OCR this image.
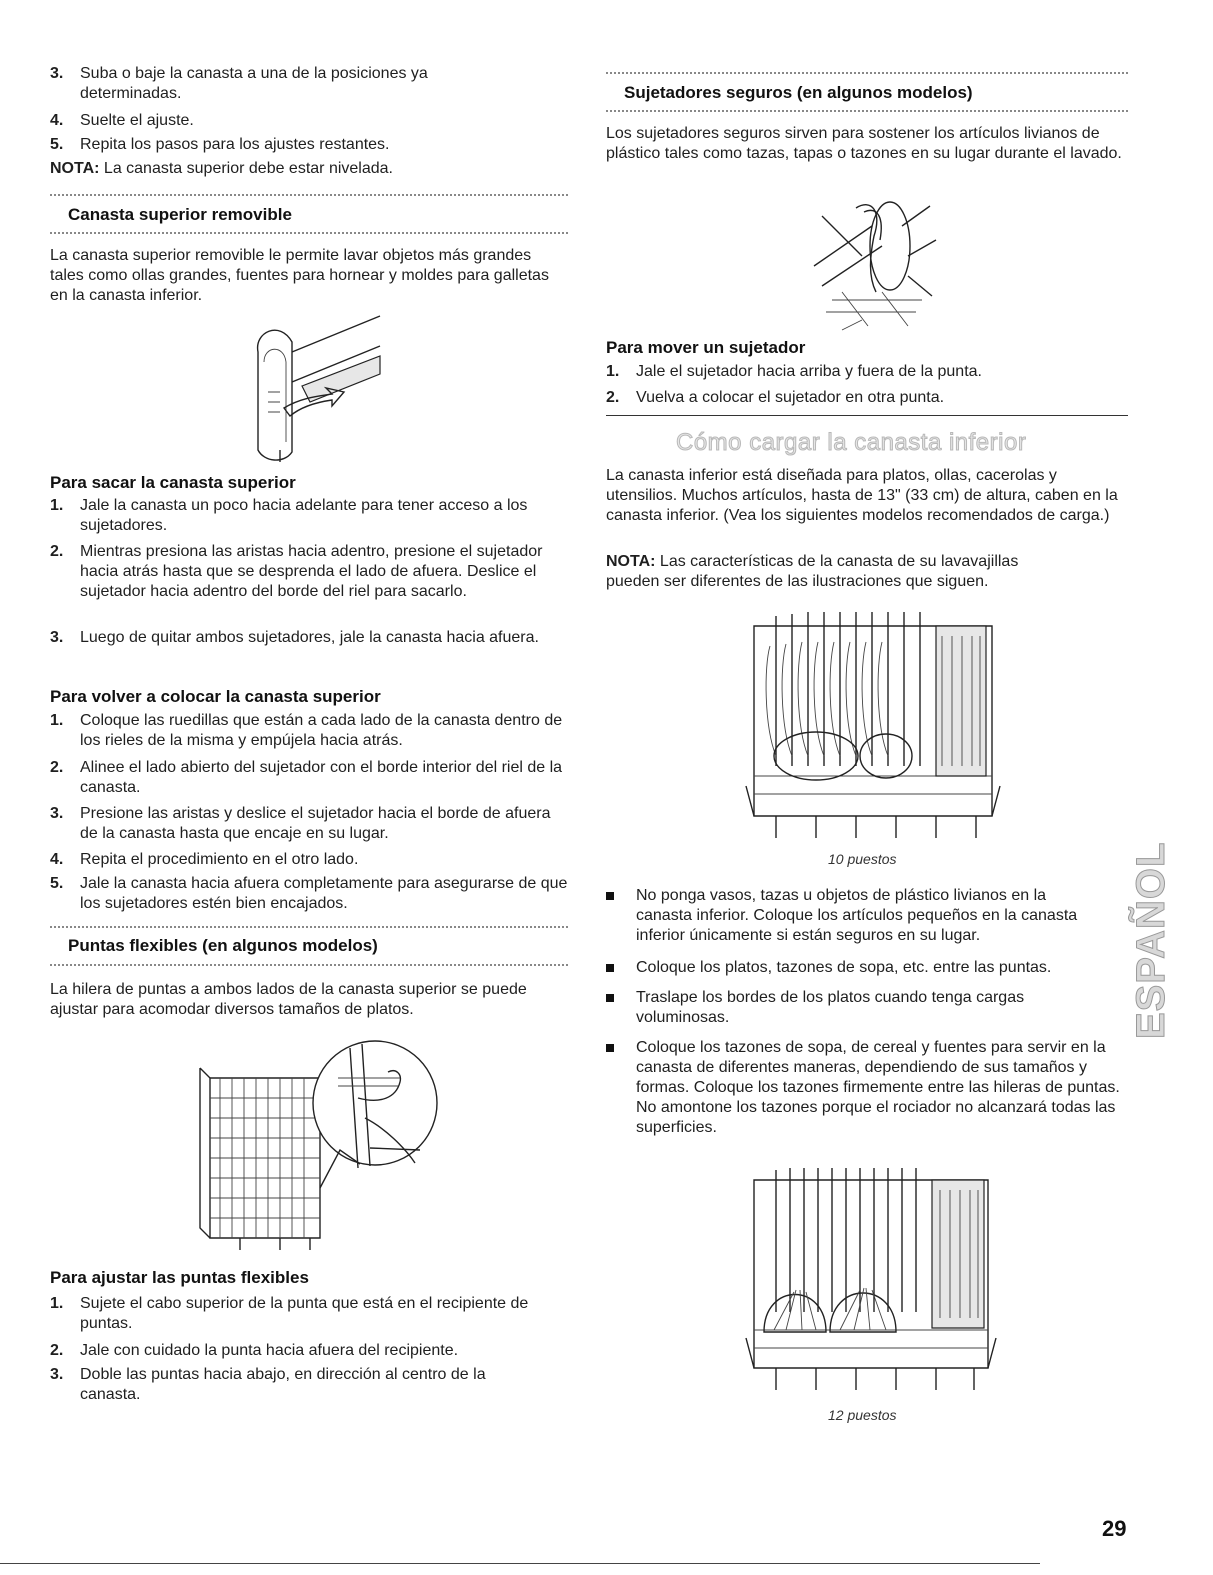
3. Suba o baje la canasta a una de la posiciones ya determinadas.
4. Suelte el ajuste.
5. Repita los pasos para los ajustes restantes.
NOTA: La canasta superior debe estar nivelada.
Canasta superior removible
La canasta superior removible le permite lavar objetos más grandes tales como ollas grandes, fuentes para hornear y moldes para galletas en la canasta inferior.
Para sacar la canasta superior
1. Jale la canasta un poco hacia adelante para tener acceso a los sujetadores.
2. Mientras presiona las aristas hacia adentro, presione el sujetador hacia atrás hasta que se desprenda el lado de afuera. Deslice el sujetador hacia adentro del borde del riel para sacarlo.
3. Luego de quitar ambos sujetadores, jale la canasta hacia afuera.
Para volver a colocar la canasta superior
1. Coloque las ruedillas que están a cada lado de la canasta dentro de los rieles de la misma y empújela hacia atrás.
2. Alinee el lado abierto del sujetador con el borde interior del riel de la canasta.
3. Presione las aristas y deslice el sujetador hacia el borde de afuera de la canasta hasta que encaje en su lugar.
4. Repita el procedimiento en el otro lado.
5. Jale la canasta hacia afuera completamente para asegurarse de que los sujetadores estén bien encajados.
Puntas flexibles (en algunos modelos)
La hilera de puntas a ambos lados de la canasta superior se puede ajustar para acomodar diversos tamaños de platos.
Para ajustar las puntas flexibles
1. Sujete el cabo superior de la punta que está en el recipiente de puntas.
2. Jale con cuidado la punta hacia afuera del recipiente.
3. Doble las puntas hacia abajo, en dirección al centro de la canasta.
Sujetadores seguros (en algunos modelos)
Los sujetadores seguros sirven para sostener los artículos livianos de plástico tales como tazas, tapas o tazones en su lugar durante el lavado.
Para mover un sujetador
1. Jale el sujetador hacia arriba y fuera de la punta.
2. Vuelva a colocar el sujetador en otra punta.
Cómo cargar la canasta inferior
La canasta inferior está diseñada para platos, ollas, cacerolas y utensilios. Muchos artículos, hasta de 13" (33 cm) de altura, caben en la canasta inferior. (Vea los siguientes modelos recomendados de carga.)
NOTA: Las características de la canasta de su lavavajillas pueden ser diferentes de las ilustraciones que siguen.
10 puestos
No ponga vasos, tazas u objetos de plástico livianos en la canasta inferior. Coloque los artículos pequeños en la canasta inferior únicamente si están seguros en su lugar.
Coloque los platos, tazones de sopa, etc. entre las puntas.
Traslape los bordes de los platos cuando tenga cargas voluminosas.
Coloque los tazones de sopa, de cereal y fuentes para servir en la canasta de diferentes maneras, dependiendo de sus tamaños y formas. Coloque los tazones firmemente entre las hileras de puntas. No amontone los tazones porque el rociador no alcanzará todas las superficies.
12 puestos
ESPAÑOL
29
